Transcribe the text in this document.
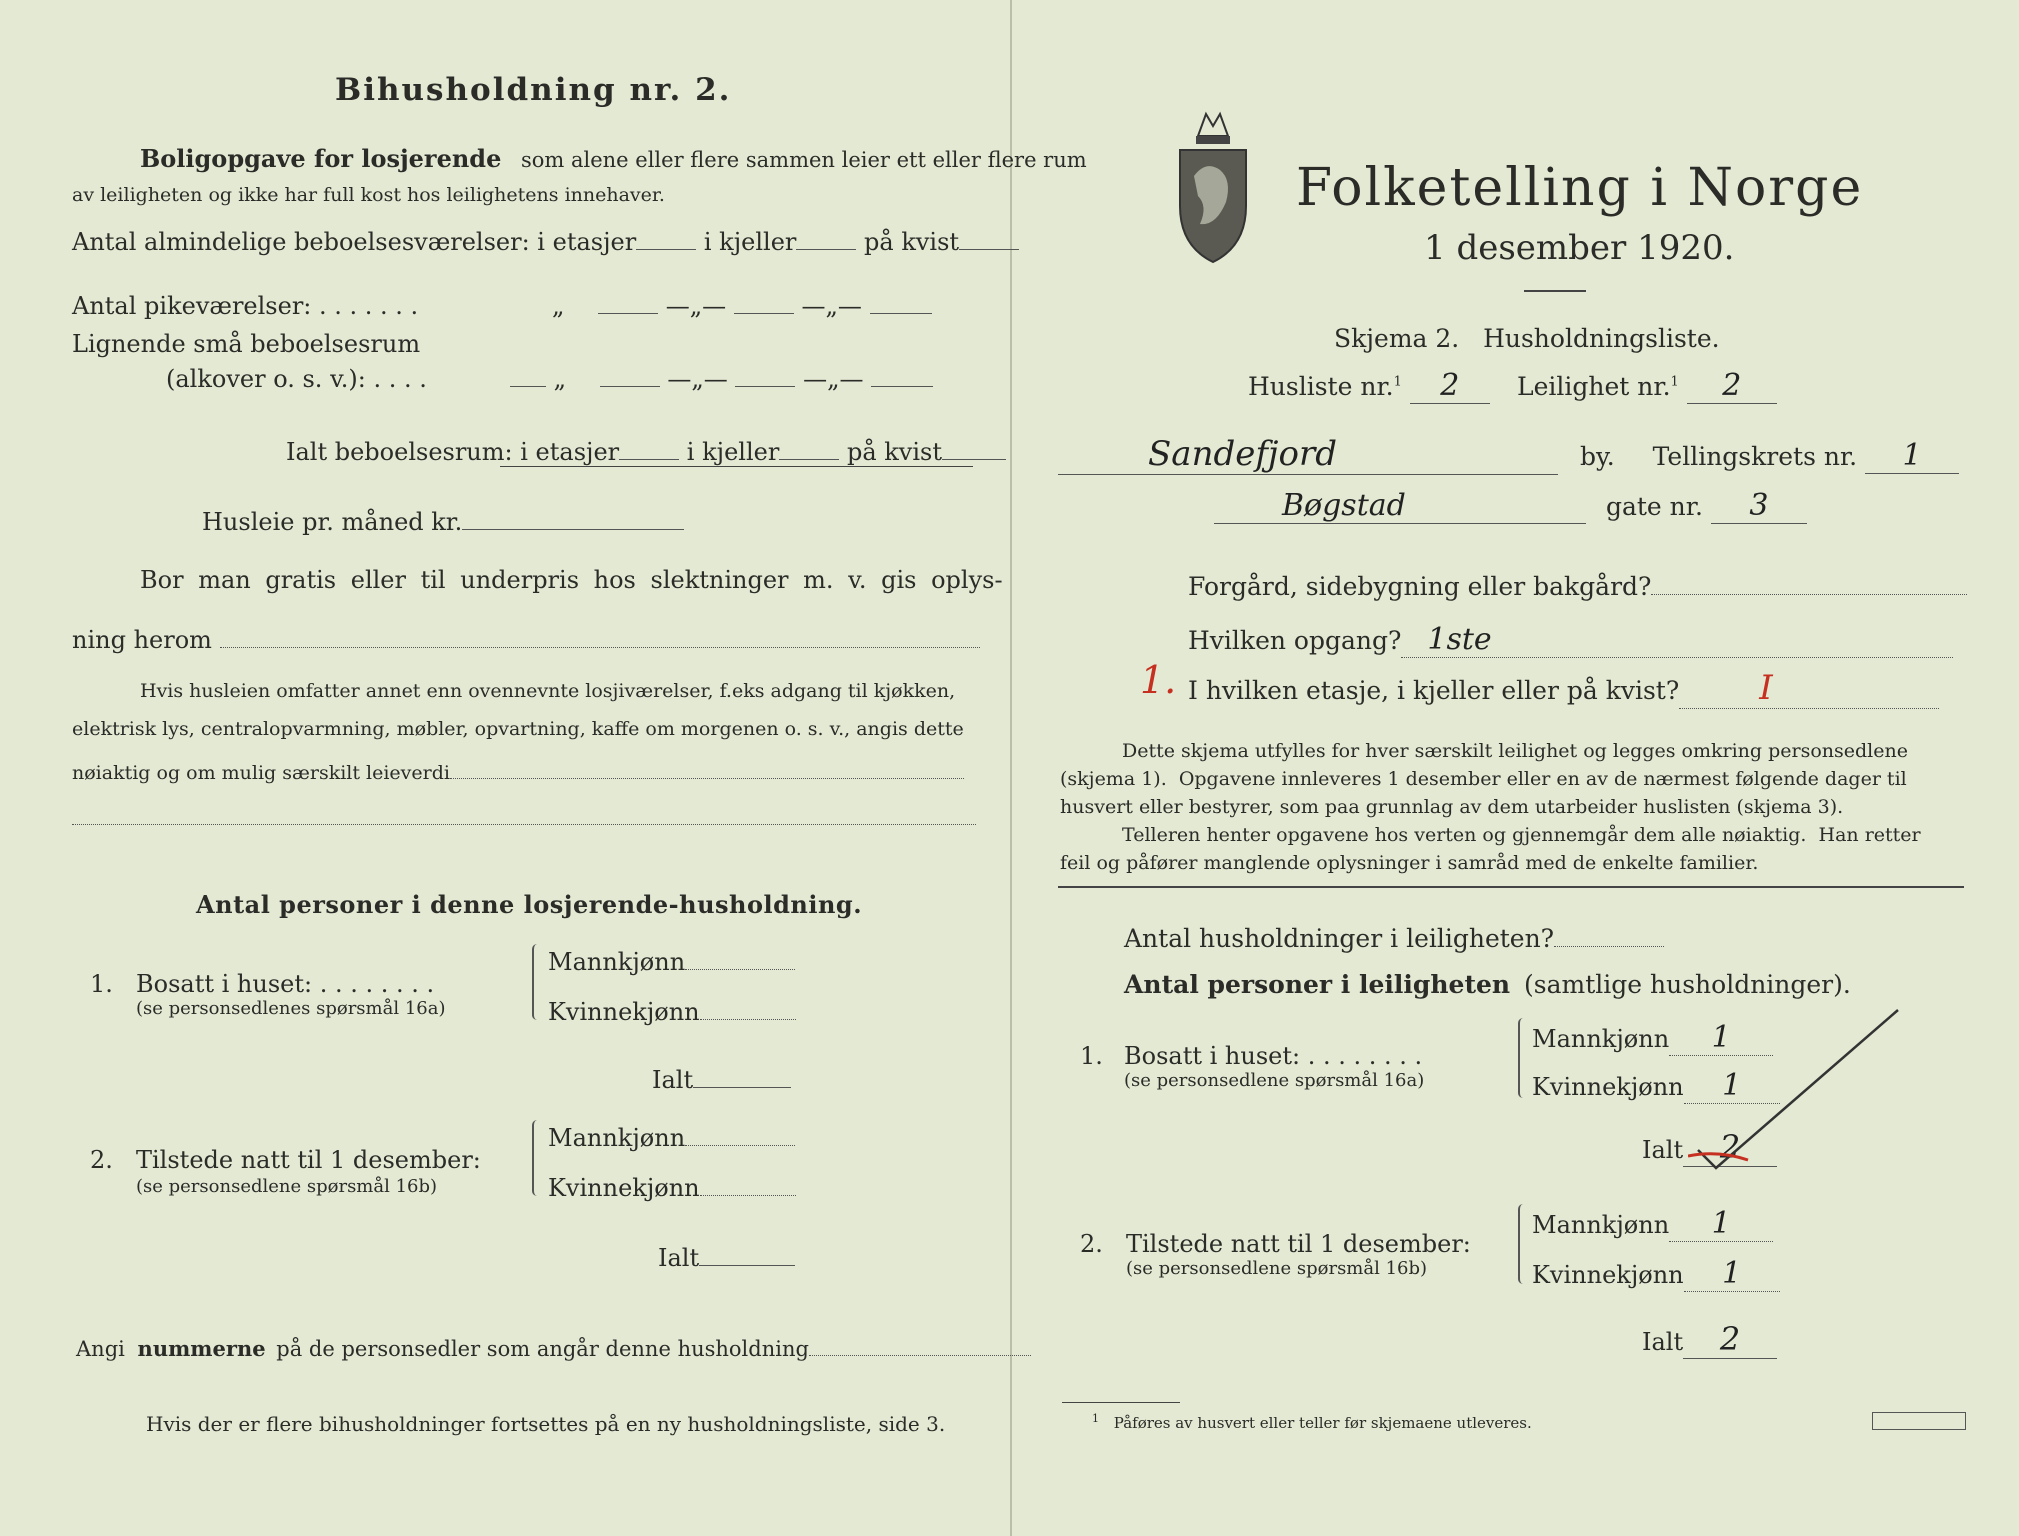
Bihusholdning nr. 2.
Boligopgave for losjerende som alene eller flere sammen leier ett eller flere rum
av leiligheten og ikke har full kost hos leilighetens innehaver.
Antal almindelige beboelsesværelser: i etasjer	i kjeller	på kvist
Antal pikeværelser: . . . . . . .	„	—„—	—„—
Lignende små beboelsesrum
(alkover o. s. v.): . . . .	„	—„—	—„—
Ialt beboelsesrum: i etasjer	i kjeller	på kvist
Husleie pr. måned kr.
Bor man gratis eller til underpris hos slektninger m. v. gis oplys-
ning herom
Hvis husleien omfatter annet enn ovennevnte losjiværelser, f.eks adgang til kjøkken,
elektrisk lys, centralopvarmning, møbler, opvartning, kaffe om morgenen o. s. v., angis dette
nøiaktig og om mulig særskilt leieverdi
Antal personer i denne losjerende-husholdning.
1. Bosatt i huset: . . . . . . . .
(se personsedlenes spørsmål 16a)
Mannkjønn
Kvinnekjønn
Ialt
2. Tilstede natt til 1 desember:
(se personsedlene spørsmål 16b)
Mannkjønn
Kvinnekjønn
Ialt
Angi nummerne på de personsedler som angår denne husholdning
Hvis der er flere bihusholdninger fortsettes på en ny husholdningsliste, side 3.
Folketelling i Norge
1 desember 1920.
Skjema 2.   Husholdningsliste.
Husliste nr.$^1$ 2	Leilighet nr.$^1$ 2
Sandefjord	by. Tellingskrets nr. 1
Bøgstad	gate nr. 3
Forgård, sidebygning eller bakgård?
Hvilken opgang? 1ste
1. I hvilken etasje, i kjeller eller på kvist? I
Dette skjema utfylles for hver særskilt leilighet og legges omkring personsedlene
(skjema 1).  Opgavene innleveres 1 desember eller en av de nærmest følgende dager til
husvert eller bestyrer, som paa grunnlag av dem utarbeider huslisten (skjema 3).
Telleren henter opgavene hos verten og gjennemgår dem alle nøiaktig.  Han retter
feil og påfører manglende oplysninger i samråd med de enkelte familier.
Antal husholdninger i leiligheten?
Antal personer i leiligheten (samtlige husholdninger).
1. Bosatt i huset: . . . . . . . .
(se personsedlene spørsmål 16a)
Mannkjønn 1
Kvinnekjønn 1
Ialt 2
2. Tilstede natt til 1 desember:
(se personsedlene spørsmål 16b)
Mannkjønn 1
Kvinnekjønn 1
Ialt 2
$^1$ Påføres av husvert eller teller før skjemaene utleveres.
